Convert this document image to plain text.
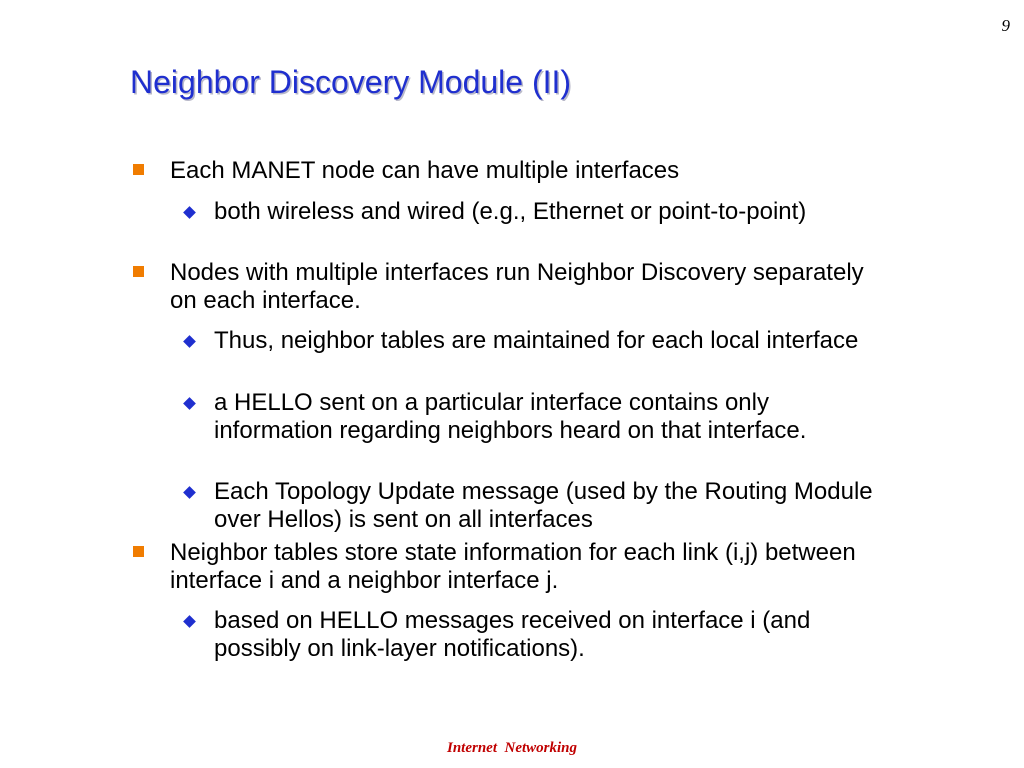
9
Neighbor Discovery Module (II)
Each MANET node can have multiple interfaces
both wireless and wired (e.g., Ethernet or point-to-point)
Nodes with multiple interfaces run Neighbor Discovery separately on each interface.
Thus, neighbor tables are maintained for each local interface
a HELLO sent on a particular interface contains only information regarding neighbors heard on that interface.
Each Topology Update message (used by the Routing Module over Hellos) is sent on all interfaces
Neighbor tables store state information for each link (i,j) between interface i and a neighbor interface j.
based on HELLO messages received on interface i (and possibly on link-layer notifications).
Internet  Networking
